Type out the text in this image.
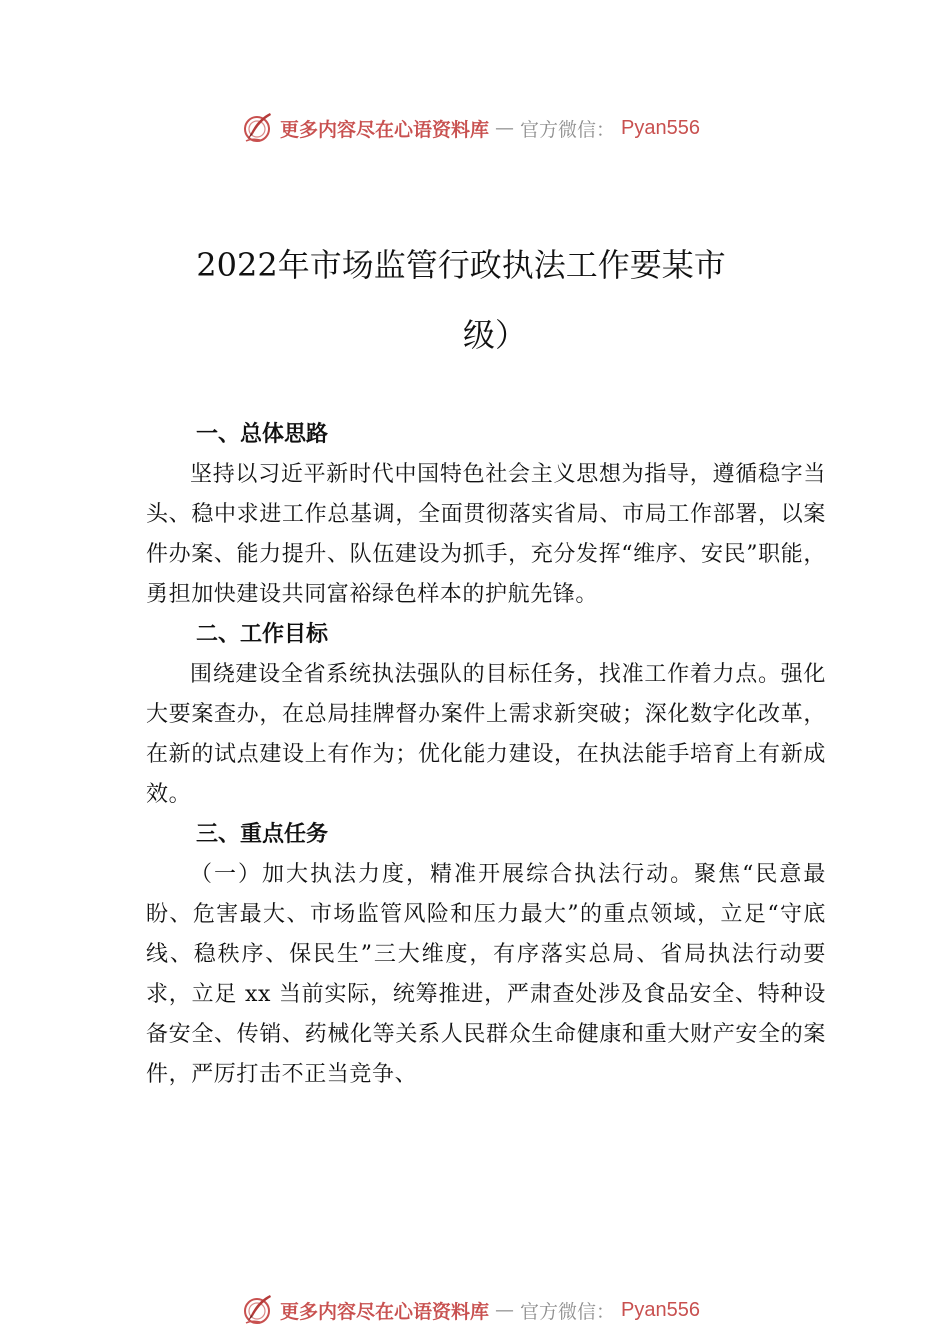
更多内容尽在心语资料库 — 官方微信： Pyan556
2022年市场监管行政执法工作要某市
级）
一、总体思路

坚持以习近平新时代中国特色社会主义思想为指导，遵循稳字当头、稳中求进工作总基调，全面贯彻落实省局、市局工作部署，以案件办案、能力提升、队伍建设为抓手，充分发挥“维序、安民”职能，勇担加快建设共同富裕绿色样本的护航先锋。

二、工作目标

围绕建设全省系统执法强队的目标任务，找准工作着力点。强化大要案查办，在总局挂牌督办案件上需求新突破；深化数字化改革，在新的试点建设上有作为；优化能力建设，在执法能手培育上有新成效。

三、重点任务

（一）加大执法力度，精准开展综合执法行动。聚焦“民意最盼、危害最大、市场监管风险和压力最大”的重点领域，立足“守底线、稳秩序、保民生”三大维度，有序落实总局、省局执法行动要求，立足 xx 当前实际，统筹推进，严肃查处涉及食品安全、特种设备安全、传销、药械化等关系人民群众生命健康和重大财产安全的案件，严厉打击不正当竞争、

更多内容尽在心语资料库 — 官方微信： Pyan556
